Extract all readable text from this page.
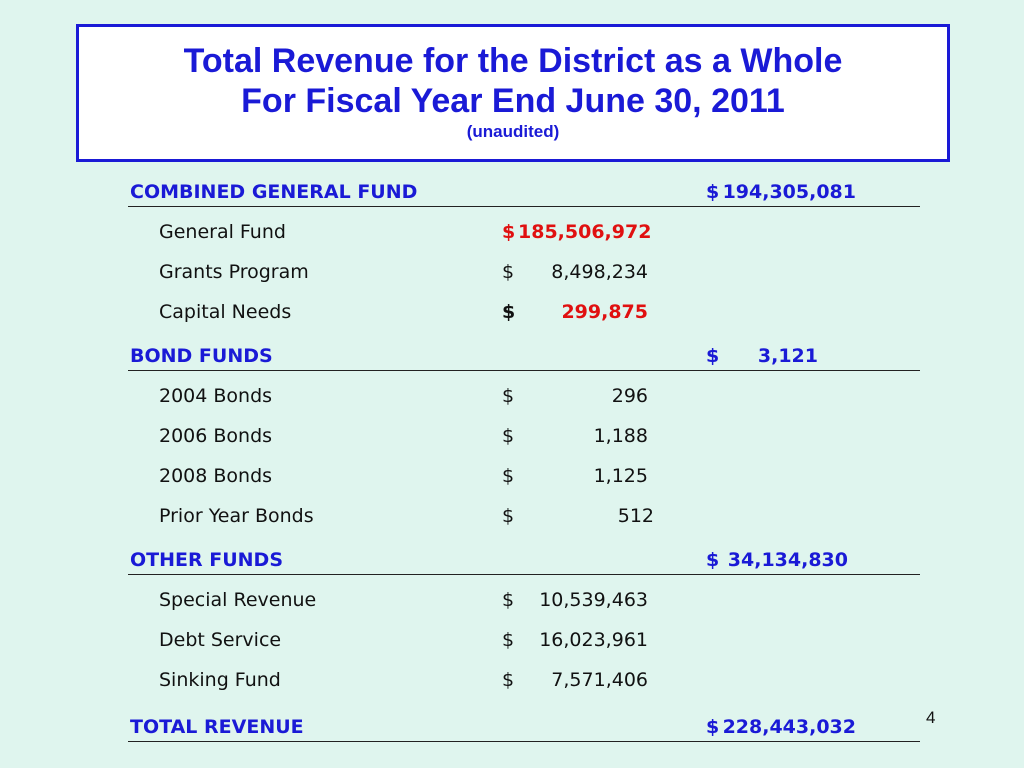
Total Revenue for the District as a Whole
For Fiscal Year End June 30, 2011
(unaudited)
COMBINED GENERAL FUND	$ 194,305,081
General Fund	$ 185,506,972
Grants Program	$	8,498,234
Capital Needs	$	299,875
BOND FUNDS	$	3,121
2004 Bonds	$	296
2006 Bonds	$	1,188
2008 Bonds	$	1,125
Prior Year Bonds	$	512
OTHER FUNDS	$ 34,134,830
Special Revenue	$	10,539,463
Debt Service	$	16,023,961
Sinking Fund	$	7,571,406
TOTAL REVENUE	$ 228,443,032	4
